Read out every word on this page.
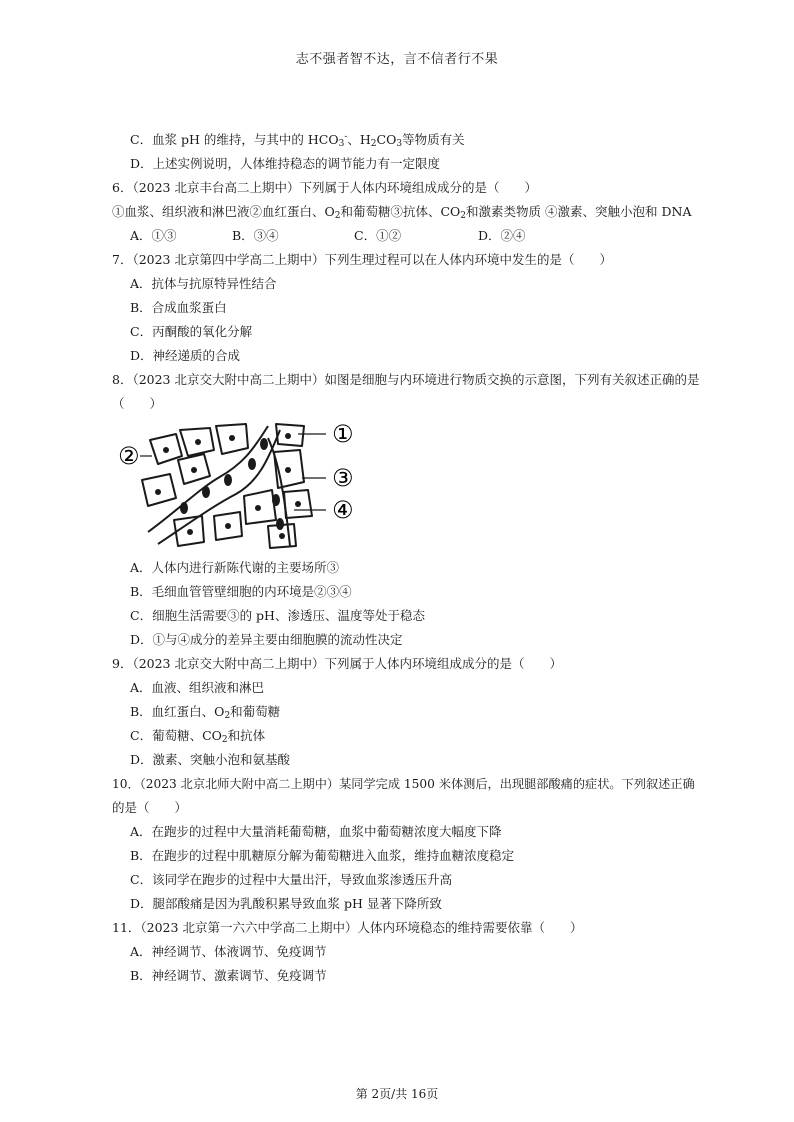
志不强者智不达，言不信者行不果
C．血浆 pH 的维持，与其中的 $HCO_3^-$、$H_2CO_3$等物质有关
D．上述实例说明，人体维持稳态的调节能力有一定限度
6．（2023 北京丰台高二上期中）下列属于人体内环境组成成分的是（　　）
①血浆、组织液和淋巴液②血红蛋白、$O_2$和葡萄糖③抗体、$CO_2$和激素类物质 ④激素、突触小泡和 DNA
A．①③	B．③④	C．①②	D．②④
7．（2023 北京第四中学高二上期中）下列生理过程可以在人体内环境中发生的是（　　）
A．抗体与抗原特异性结合
B．合成血浆蛋白
C．丙酮酸的氧化分解
D．神经递质的合成
8．（2023 北京交大附中高二上期中）如图是细胞与内环境进行物质交换的示意图，下列有关叙述正确的是
（　　）
①
②
③
④
A．人体内进行新陈代谢的主要场所③
B．毛细血管管壁细胞的内环境是②③④
C．细胞生活需要③的 pH、渗透压、温度等处于稳态
D．①与④成分的差异主要由细胞膜的流动性决定
9．（2023 北京交大附中高二上期中）下列属于人体内环境组成成分的是（　　）
A．血液、组织液和淋巴
B．血红蛋白、$O_2$和葡萄糖
C．葡萄糖、$CO_2$和抗体
D．激素、突触小泡和氨基酸
10．（2023 北京北师大附中高二上期中）某同学完成 1500 米体测后，出现腿部酸痛的症状。下列叙述正确
的是（　　）
A．在跑步的过程中大量消耗葡萄糖，血浆中葡萄糖浓度大幅度下降
B．在跑步的过程中肌糖原分解为葡萄糖进入血浆，维持血糖浓度稳定
C．该同学在跑步的过程中大量出汗，导致血浆渗透压升高
D．腿部酸痛是因为乳酸积累导致血浆 pH 显著下降所致
11．（2023 北京第一六六中学高二上期中）人体内环境稳态的维持需要依靠（　　）
A．神经调节、体液调节、免疫调节
B．神经调节、激素调节、免疫调节
第 2页/共 16页
